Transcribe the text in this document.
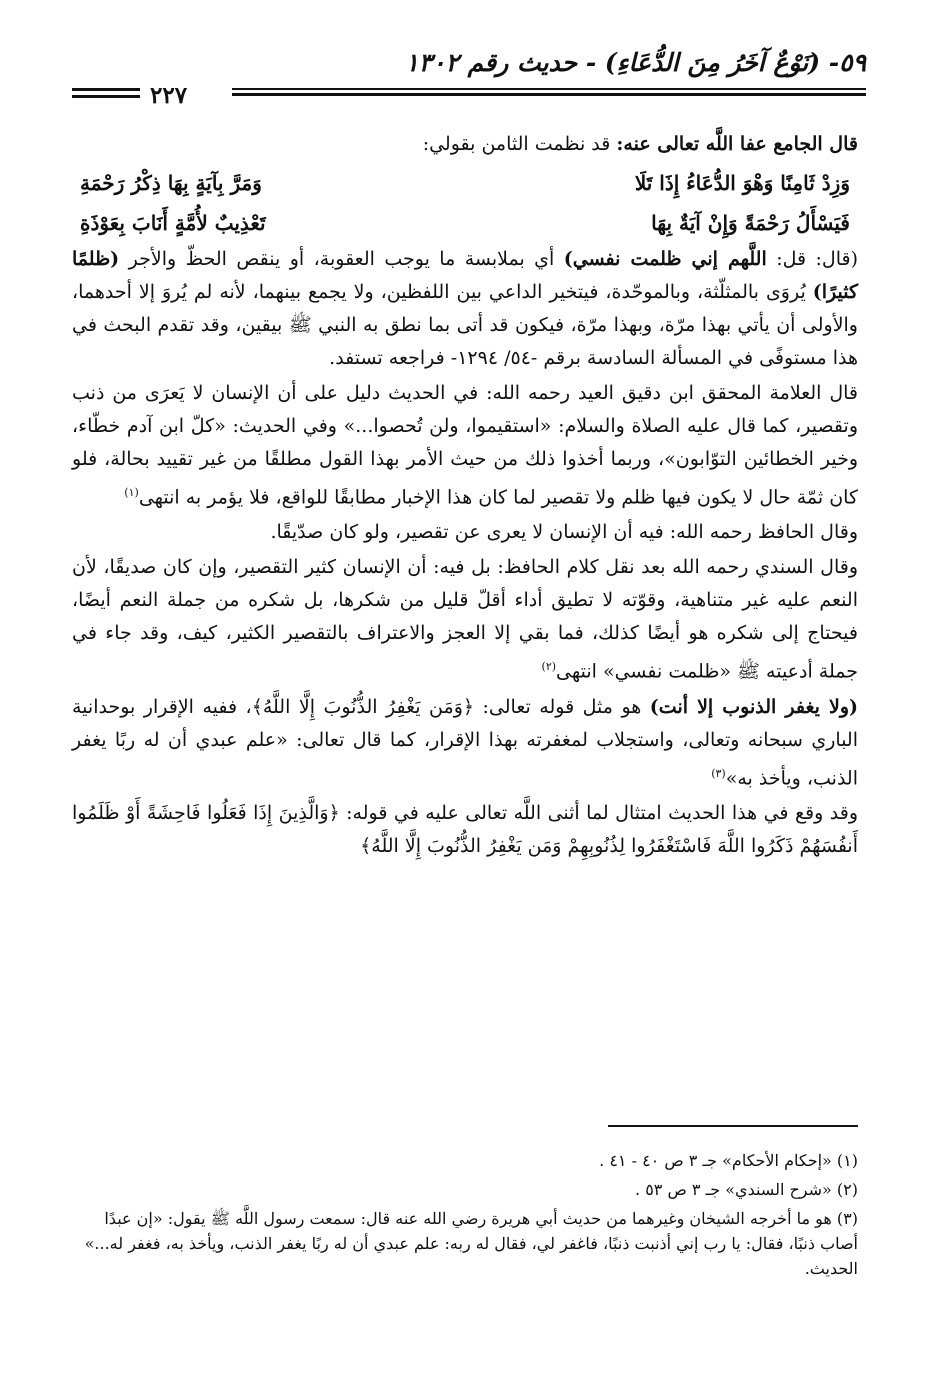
٥٩- (نَوْعٌ آخَرُ مِنَ الدُّعَاءِ) - حديث رقم ١٣٠٢
٢٢٧

قال الجامع عفا اللَّه تعالى عنه: قد نظمت الثامن بقولي:

وَزِدْ ثَامِنًا وَهْوَ الدُّعَاءُ إِذَا تَلَا
وَمَرَّ بِآيَةٍ بِهَا ذِكْرُ رَحْمَةِ
فَيَسْأَلُ رَحْمَةً وَإِنْ آيَةٌ بِهَا
تَعْذِيبٌ لأُمَّةٍ أَنَابَ بِعَوْذَةِ

(قال: قل: اللَّهم إني ظلمت نفسي) أي بملابسة ما يوجب العقوبة، أو ينقص الحظّ والأجر (ظلمًا كثيرًا) يُروَى بالمثلّثة، وبالموحّدة، فيتخير الداعي بين اللفظين، ولا يجمع بينهما، لأنه لم يُروَ إلا أحدهما، والأولى أن يأتي بهذا مرّة، وبهذا مرّة، فيكون قد أتى بما نطق به النبي ﷺ بيقين، وقد تقدم البحث في هذا مستوفًى في المسألة السادسة برقم -٥٤/ ١٢٩٤- فراجعه تستفد.

قال العلامة المحقق ابن دقيق العيد رحمه الله: في الحديث دليل على أن الإنسان لا يَعرَى من ذنب وتقصير، كما قال عليه الصلاة والسلام: «استقيموا، ولن تُحصوا...» وفي الحديث: «كلّ ابن آدم خطّاء، وخير الخطائين التوّابون»، وربما أخذوا ذلك من حيث الأمر بهذا القول مطلقًا من غير تقييد بحالة، فلو كان ثمّة حال لا يكون فيها ظلم ولا تقصير لما كان هذا الإخبار مطابقًا للواقع، فلا يؤمر به انتهى$^{(١)}$

وقال الحافظ رحمه الله: فيه أن الإنسان لا يعرى عن تقصير، ولو كان صدّيقًا.

وقال السندي رحمه الله بعد نقل كلام الحافظ: بل فيه: أن الإنسان كثير التقصير، وإن كان صديقًا، لأن النعم عليه غير متناهية، وقوّته لا تطيق أداء أقلّ قليل من شكرها، بل شكره من جملة النعم أيضًا، فيحتاج إلى شكره هو أيضًا كذلك، فما بقي إلا العجز والاعتراف بالتقصير الكثير، كيف، وقد جاء في جملة أدعيته ﷺ «ظلمت نفسي» انتهى$^{(٢)}$

(ولا يغفر الذنوب إلا أنت) هو مثل قوله تعالى: ﴿وَمَن يَغْفِرُ الذُّنُوبَ إِلَّا اللَّهُ﴾، ففيه الإقرار بوحدانية الباري سبحانه وتعالى، واستجلاب لمغفرته بهذا الإقرار، كما قال تعالى: «علم عبدي أن له ربًا يغفر الذنب، ويأخذ به»$^{(٣)}$

وقد وقع في هذا الحديث امتثال لما أثنى اللَّه تعالى عليه في قوله: ﴿وَالَّذِينَ إِذَا فَعَلُوا فَاحِشَةً أَوْ ظَلَمُوا أَنفُسَهُمْ ذَكَرُوا اللَّهَ فَاسْتَغْفَرُوا لِذُنُوبِهِمْ وَمَن يَغْفِرُ الذُّنُوبَ إِلَّا اللَّهُ﴾

(١) «إحكام الأحكام» جـ ٣ ص ٤٠ - ٤١ .

(٢) «شرح السندي» جـ ٣ ص ٥٣ .

(٣) هو ما أخرجه الشيخان وغيرهما من حديث أبي هريرة رضي الله عنه قال: سمعت رسول اللَّه ﷺ يقول: «إن عبدًا أصاب ذنبًا، فقال: يا رب إني أذنبت ذنبًا، فاغفر لي، فقال له ربه: علم عبدي أن له ربًا يغفر الذنب، ويأخذ به، فغفر له...» الحديث.
